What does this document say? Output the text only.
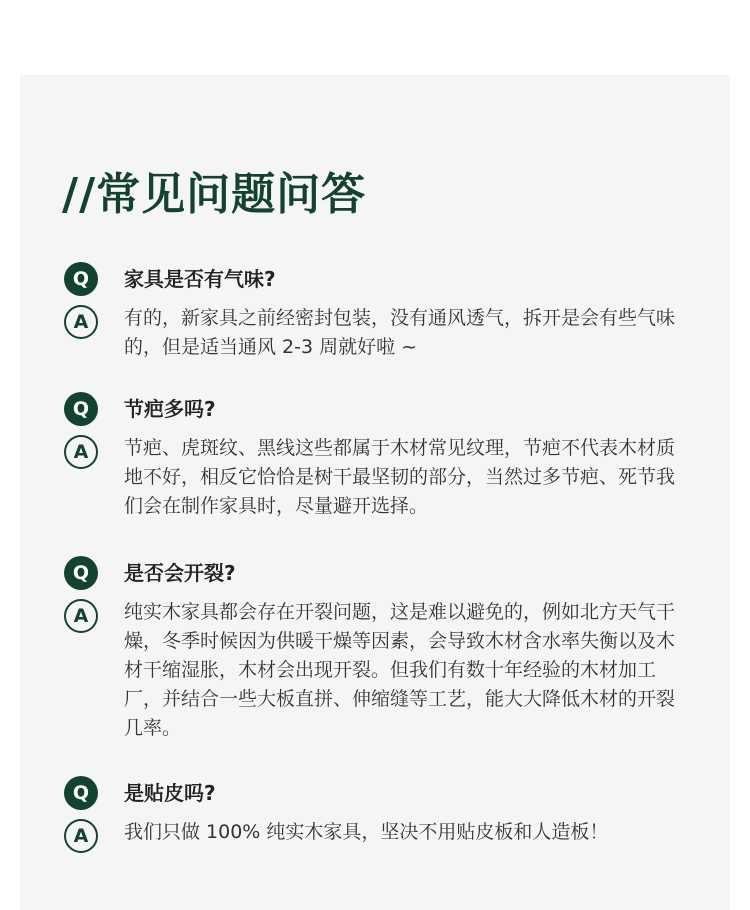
//常见问题问答
Q	家具是否有气味?
A	有的，新家具之前经密封包装，没有通风透气，拆开是会有些气味的，但是适当通风 2-3 周就好啦 ~
Q	节疤多吗?
A	节疤、虎斑纹、黑线这些都属于木材常见纹理，节疤不代表木材质地不好，相反它恰恰是树干最坚韧的部分，当然过多节疤、死节我们会在制作家具时，尽量避开选择。
Q	是否会开裂?
A	纯实木家具都会存在开裂问题，这是难以避免的，例如北方天气干燥，冬季时候因为供暖干燥等因素，会导致木材含水率失衡以及木材干缩湿胀，木材会出现开裂。但我们有数十年经验的木材加工厂，并结合一些大板直拼、伸缩缝等工艺，能大大降低木材的开裂几率。
Q	是贴皮吗?
A	我们只做 100% 纯实木家具，坚决不用贴皮板和人造板！
